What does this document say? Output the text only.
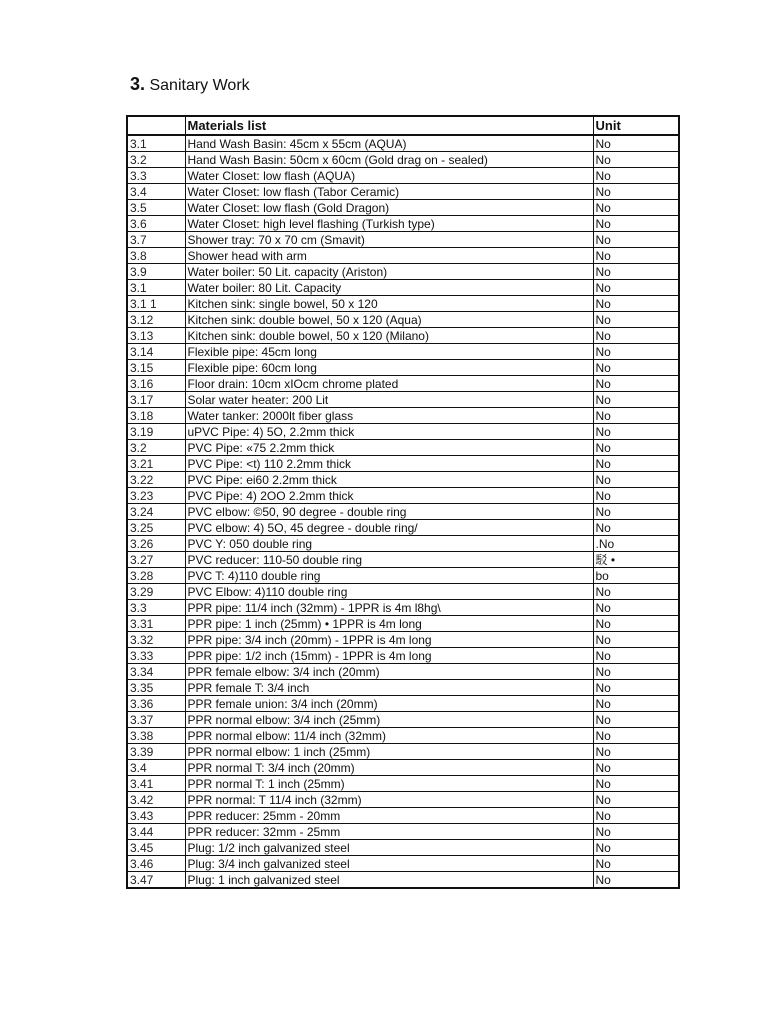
3. Sanitary Work
	Materials list	Unit
3.1	Hand Wash Basin: 45cm x 55cm (AQUA)	No
3.2	Hand Wash Basin: 50cm x 60cm (Gold drag on - sealed)	No
3.3	Water Closet: low flash (AQUA)	No
3.4	Water Closet: low flash (Tabor Ceramic)	No
3.5	Water Closet: low flash (Gold Dragon)	No
3.6	Water Closet: high level flashing (Turkish type)	No
3.7	Shower tray: 70 x 70 cm (Smavit)	No
3.8	Shower head with arm	No
3.9	Water boiler: 50 Lit. capacity (Ariston)	No
3.1	Water boiler: 80 Lit. Capacity	No
3.1 1	Kitchen sink: single bowel, 50 x 120	No
3.12	Kitchen sink: double bowel, 50 x 120 (Aqua)	No
3.13	Kitchen sink: double bowel, 50 x 120 (Milano)	No
3.14	Flexible pipe: 45cm long	No
3.15	Flexible pipe: 60cm long	No
3.16	Floor drain: 10cm xIOcm chrome plated	No
3.17	Solar water heater: 200 Lit	No
3.18	Water tanker: 2000lt fiber glass	No
3.19	uPVC Pipe: 4) 5O, 2.2mm thick	No
3.2	PVC Pipe: «75 2.2mm thick	No
3.21	PVC Pipe: <t) 110 2.2mm thick	No
3.22	PVC Pipe: ei60 2.2mm thick	No
3.23	PVC Pipe: 4) 2OO 2.2mm thick	No
3.24	PVC elbow: ©50, 90 degree - double ring	No
3.25	PVC elbow: 4) 5O, 45 degree - double ring/	No
3.26	PVC Y: 050 double ring	.No
3.27	PVC reducer: 110-50 double ring	駁 •
3.28	PVC T: 4)110 double ring	bo
3.29	PVC Elbow: 4)110 double ring	No
3.3	PPR pipe: 11/4 inch (32mm) - 1PPR is 4m l8hg\	No
3.31	PPR pipe: 1 inch (25mm) • 1PPR is 4m long	No
3.32	PPR pipe: 3/4 inch (20mm) - 1PPR is 4m long	No
3.33	PPR pipe: 1/2 inch (15mm) - 1PPR is 4m long	No
3.34	PPR female elbow: 3/4 inch (20mm)	No
3.35	PPR female T: 3/4 inch	No
3.36	PPR female union: 3/4 inch (20mm)	No
3.37	PPR normal elbow: 3/4 inch (25mm)	No
3.38	PPR normal elbow: 11/4 inch (32mm)	No
3.39	PPR normal elbow: 1 inch (25mm)	No
3.4	PPR normal T: 3/4 inch (20mm)	No
3.41	PPR normal T: 1 inch (25mm)	No
3.42	PPR normal: T 11/4 inch (32mm)	No
3.43	PPR reducer: 25mm - 20mm	No
3.44	PPR reducer: 32mm - 25mm	No
3.45	Plug: 1/2 inch galvanized steel	No
3.46	Plug: 3/4 inch galvanized steel	No
3.47	Plug: 1 inch galvanized steel	No
